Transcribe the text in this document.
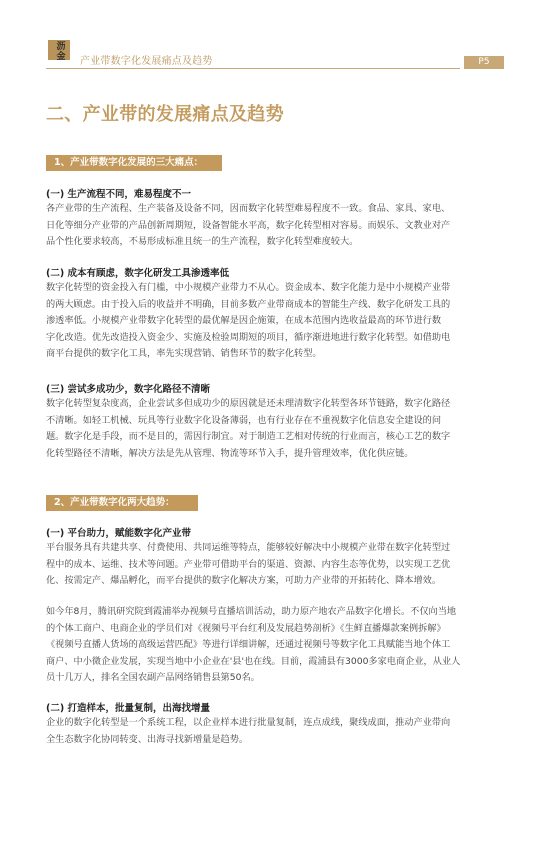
沥
金	产业带数字化发展痛点及趋势	P5
二、产业带的发展痛点及趋势
1、产业带数字化发展的三大痛点：
(一) 生产流程不同，难易程度不一
各产业带的生产流程、生产装备及设备不同，因而数字化转型难易程度不一致。食品、家具、家电、
日化等细分产业带的产品创新周期短，设备智能水平高，数字化转型相对容易。而娱乐、文教业对产
品个性化要求较高，不易形成标准且统一的生产流程，数字化转型难度较大。
(二) 成本有顾虑，数字化研发工具渗透率低
数字化转型的资金投入有门槛，中小规模产业带力不从心。资金成本、数字化能力是中小规模产业带
的两大顾虑。由于投入后的收益并不明确，目前多数产业带商成本的智能生产线、数字化研发工具的
渗透率低。小规模产业带数字化转型的最优解是因企施策，在成本范围内选收益最高的环节进行数
字化改造。优先改造投入资金少、实施及检验周期短的项目，循序渐进地进行数字化转型。如借助电
商平台提供的数字化工具，率先实现营销、销售环节的数字化转型。
(三) 尝试多成功少，数字化路径不清晰
数字化转型复杂度高，企业尝试多但成功少的原因就是还未理清数字化转型各环节链路，数字化路径
不清晰。如轻工机械、玩具等行业数字化设备薄弱，也有行业存在不重视数字化信息安全建设的问
题。数字化是手段，而不是目的，需因行制宜。对于制造工艺相对传统的行业而言，核心工艺的数字
化转型路径不清晰，解决方法是先从管理、物流等环节入手，提升管理效率，优化供应链。
2、产业带数字化两大趋势：
(一) 平台助力，赋能数字化产业带
平台服务具有共建共享、付费使用、共同运维等特点，能够较好解决中小规模产业带在数字化转型过
程中的成本、运维、技术等问题。产业带可借助平台的渠道、资源、内容生态等优势，以实现工艺优
化、按需定产、爆品孵化，而平台提供的数字化解决方案，可助力产业带的开拓转化、降本增效。
如今年8月，腾讯研究院到霞浦举办视频号直播培训活动，助力原产地农产品数字化增长。不仅向当地
的个体工商户、电商企业的学员们对《视频号平台红利及发展趋势剖析》《生鲜直播爆款案例拆解》
《视频号直播人货场的高级运营匹配》等进行详细讲解，还通过视频号等数字化工具赋能当地个体工
商户、中小微企业发展，实现当地中小企业在'县'也在线。目前，霞浦县有3000多家电商企业，从业人
员十几万人，排名全国农副产品网络销售县第50名。
(二) 打造样本，批量复制，出海找增量
企业的数字化转型是一个系统工程，以企业样本进行批量复制，连点成线，聚线成面，推动产业带向
全生态数字化协同转变、出海寻找新增量是趋势。
